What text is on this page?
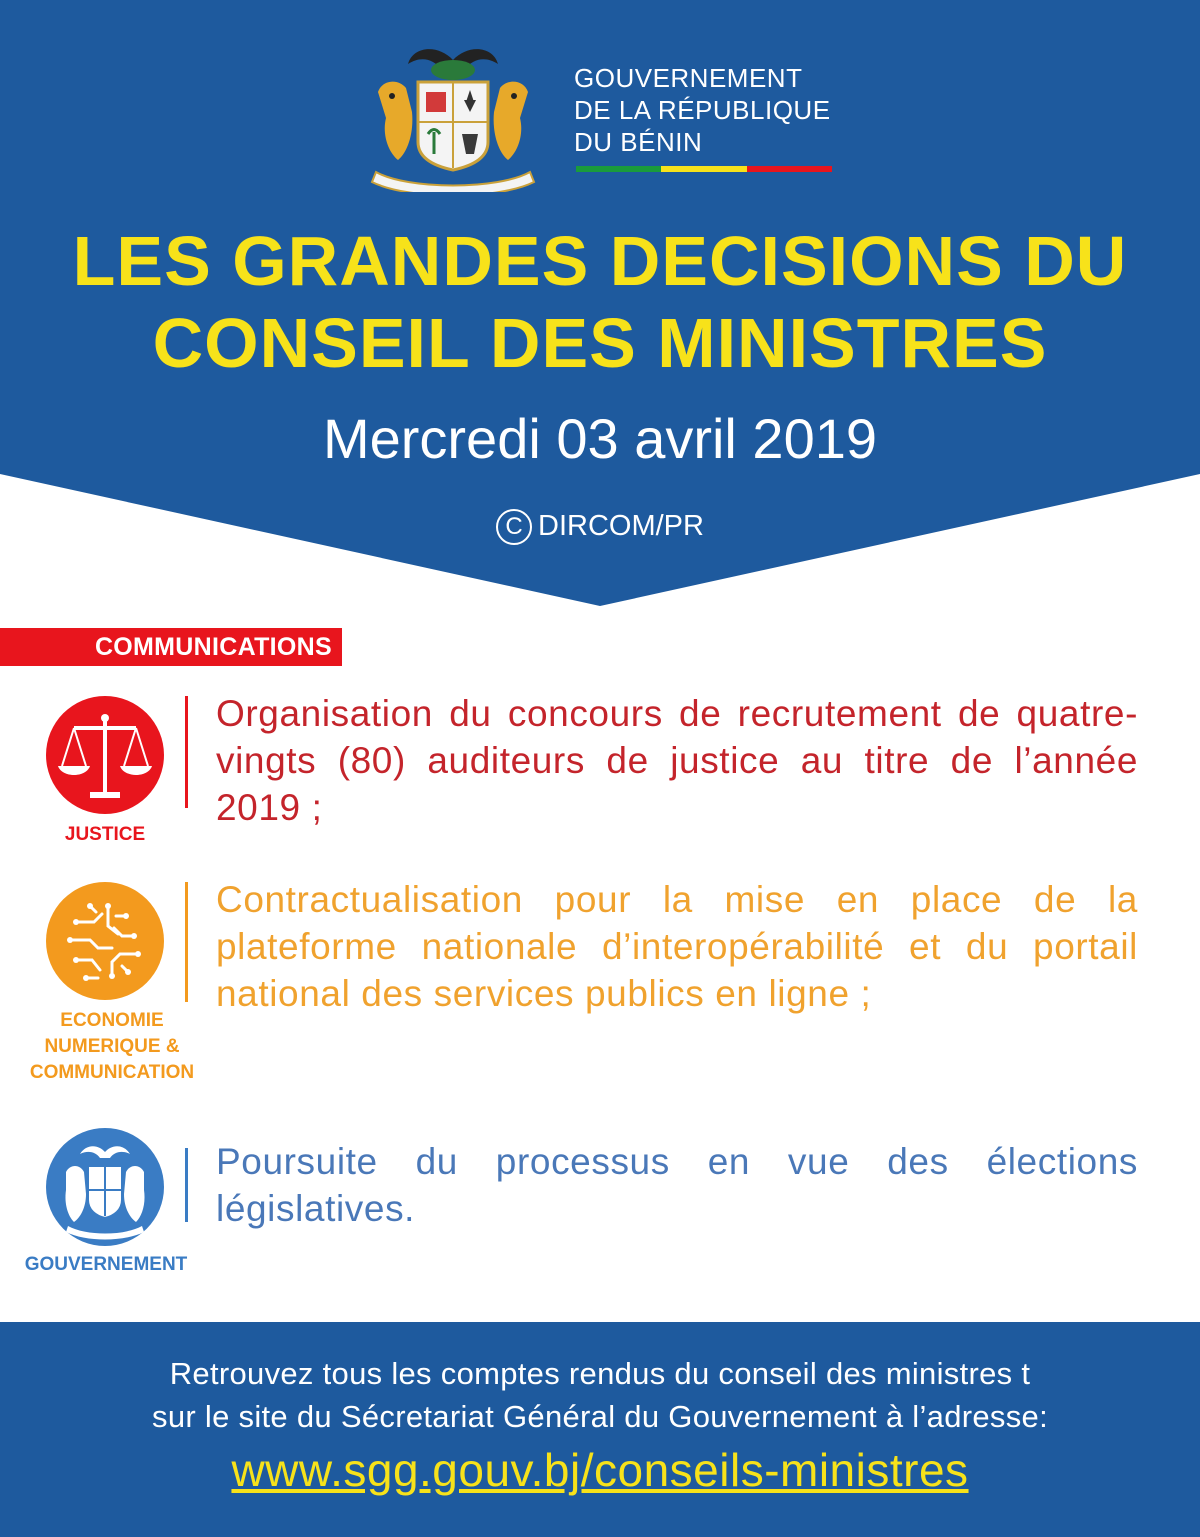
GOUVERNEMENT
DE LA RÉPUBLIQUE
DU BÉNIN
LES GRANDES DECISIONS DU
CONSEIL DES MINISTRES
Mercredi 03 avril 2019
C DIRCOM/PR
COMMUNICATIONS
JUSTICE
Organisation du concours de recrutement de quatre-vingts (80) auditeurs de justice au titre de l’année 2019 ;
ECONOMIE
NUMERIQUE &
COMMUNICATION
Contractualisation pour la mise en place de la plateforme nationale d’interopérabilité et du portail national des services publics en ligne ;
GOUVERNEMENT
Poursuite du processus en vue des élections législatives.
Retrouvez tous les comptes rendus du conseil des ministres t
sur le site du Sécretariat Général du Gouvernement à l’adresse:
www.sgg.gouv.bj/conseils-ministres
